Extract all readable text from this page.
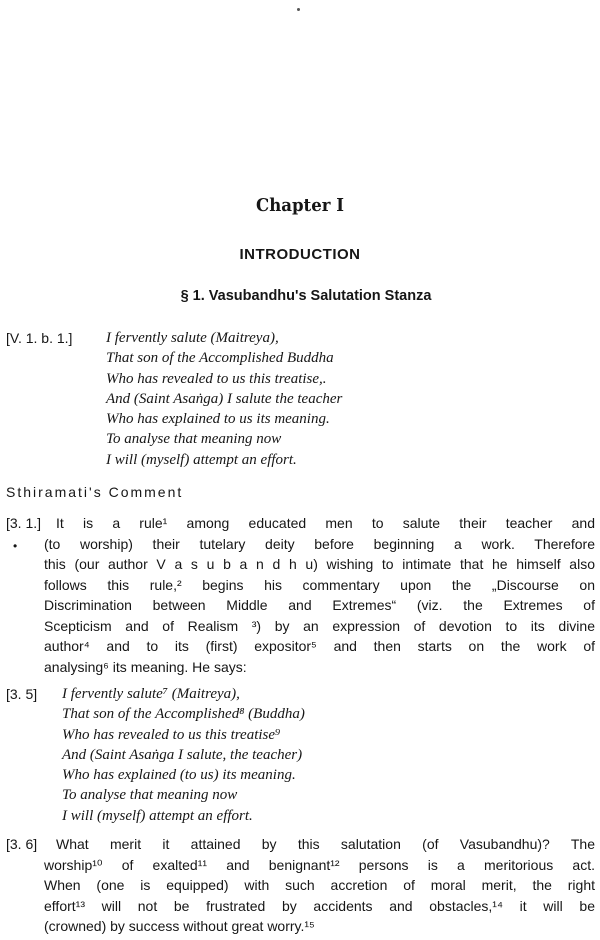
Chapter I
INTRODUCTION
§ 1. Vasubandhu's Salutation Stanza
[V. 1. b. 1.] I fervently salute (Maitreya),
That son of the Accomplished Buddha
Who has revealed to us this treatise,.
And (Saint Asaṅga) I salute the teacher
Who has explained to us its meaning.
To analyse that meaning now
I will (myself) attempt an effort.
Sthiramati's Comment
[3. 1.]
•
It is a rule¹ among educated men to salute their teacher and
(to worship) their tutelary deity before beginning a work. Therefore
this (our author V a s u b a n d h u) wishing to intimate that he himself also
follows this rule,² begins his commentary upon the „Discourse on
Discrimination between Middle and Extremes“ (viz. the Extremes of
Scepticism and of Realism ³) by an expression of devotion to its divine
author⁴ and to its (first) expositor⁵ and then starts on the work of
analysing⁶ its meaning. He says:
[3. 5] I fervently salute⁷ (Maitreya),
That son of the Accomplished⁸ (Buddha)
Who has revealed to us this treatise⁹
And (Saint Asaṅga I salute, the teacher)
Who has explained (to us) its meaning.
To analyse that meaning now
I will (myself) attempt an effort.
[3. 6] What merit it attained by this salutation (of Vasubandhu)? The
worship¹⁰ of exalted¹¹ and benignant¹² persons is a meritorious act.
When (one is equipped) with such accretion of moral merit, the right
effort¹³ will not be frustrated by accidents and obstacles,¹⁴ it will be
(crowned) by success without great worry.¹⁵
